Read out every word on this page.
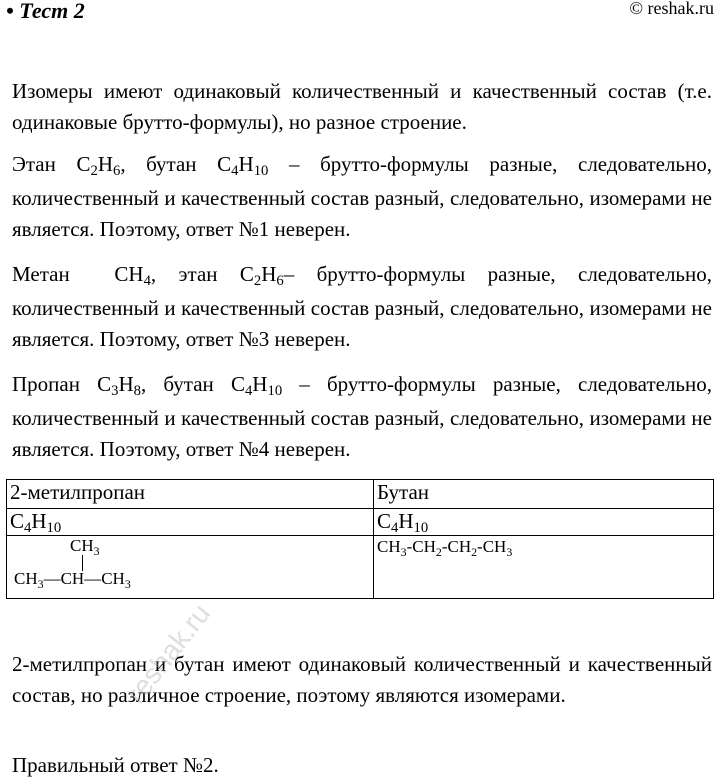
• Тест 2	© reshak.ru

Изомеры имеют одинаковый количественный и качественный состав (т.е. одинаковые брутто-формулы), но разное строение.

Этан $C_2H_6$, бутан $C_4H_{10}$ – брутто-формулы разные, следовательно, количественный и качественный состав разный, следовательно, изомерами не является. Поэтому, ответ №1 неверен.

Метан  $CH_4$, этан $C_2H_6-$ брутто-формулы разные, следовательно, количественный и качественный состав разный, следовательно, изомерами не является. Поэтому, ответ №3 неверен.

Пропан $C_3H_8$, бутан $C_4H_{10}$ – брутто-формулы разные, следовательно, количественный и качественный состав разный, следовательно, изомерами не является. Поэтому, ответ №4 неверен.

2-метилпропан	Бутан
$C_4H_{10}$	$C_4H_{10}$

$CH_3$
$CH_3—CH—CH_3$	$CH_3-CH_2-CH_2-CH_3$

2-метилпропан и бутан имеют одинаковый количественный и качественный состав, но различное строение, поэтому являются изомерами.

Правильный ответ №2.
reshak.ru
